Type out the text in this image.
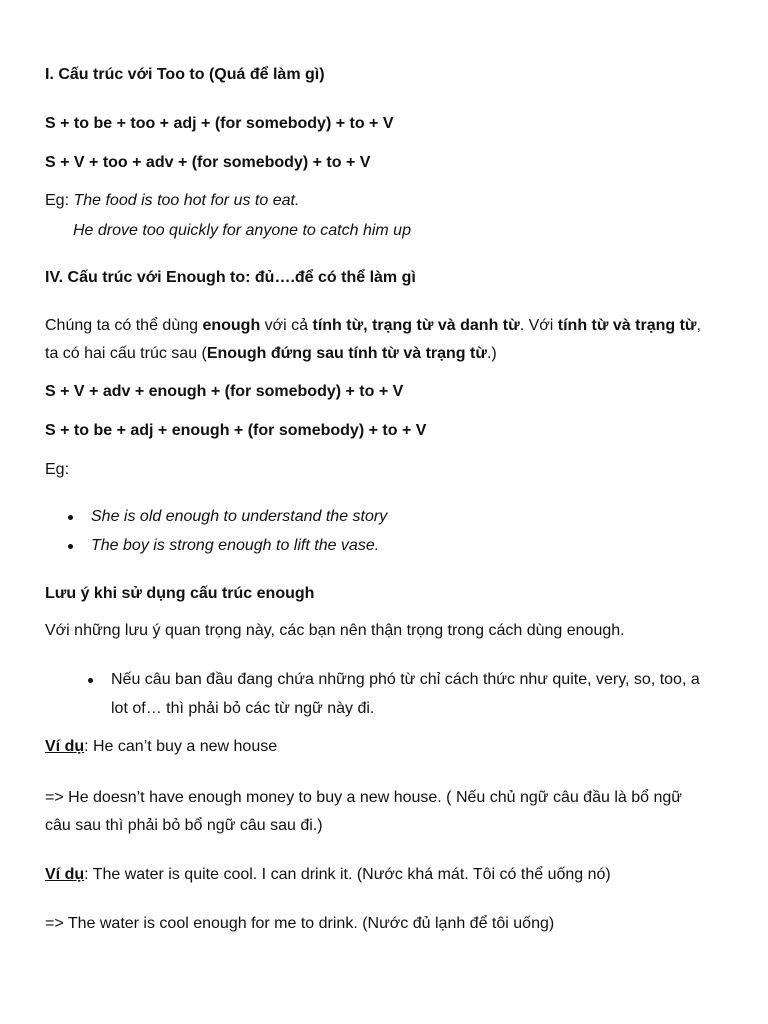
I. Cấu trúc với Too to (Quá để làm gì)
S + to be + too + adj + (for somebody) + to + V
S + V + too + adv + (for somebody) + to + V
Eg: The food is too hot for us to eat.
He drove too quickly for anyone to catch him up
IV. Cấu trúc với Enough to: đủ….để có thể làm gì
Chúng ta có thể dùng enough với cả tính từ, trạng từ và danh từ. Với tính từ và trạng từ,
ta có hai cấu trúc sau (Enough đứng sau tính từ và trạng từ.)
S + V + adv + enough + (for somebody) + to + V
S + to be + adj + enough + (for somebody) + to + V
Eg:
She is old enough to understand the story
The boy is strong enough to lift the vase.
Lưu ý khi sử dụng cấu trúc enough
Với những lưu ý quan trọng này, các bạn nên thận trọng trong cách dùng enough.
Nếu câu ban đầu đang chứa những phó từ chỉ cách thức như quite, very, so, too, a
lot of… thì phải bỏ các từ ngữ này đi.
Ví dụ: He can’t buy a new house
=> He doesn’t have enough money to buy a new house. ( Nếu chủ ngữ câu đầu là bổ ngữ
câu sau thì phải bỏ bổ ngữ câu sau đi.)
Ví dụ: The water is quite cool. I can drink it. (Nước khá mát. Tôi có thể uống nó)
=> The water is cool enough for me to drink. (Nước đủ lạnh để tôi uống)
